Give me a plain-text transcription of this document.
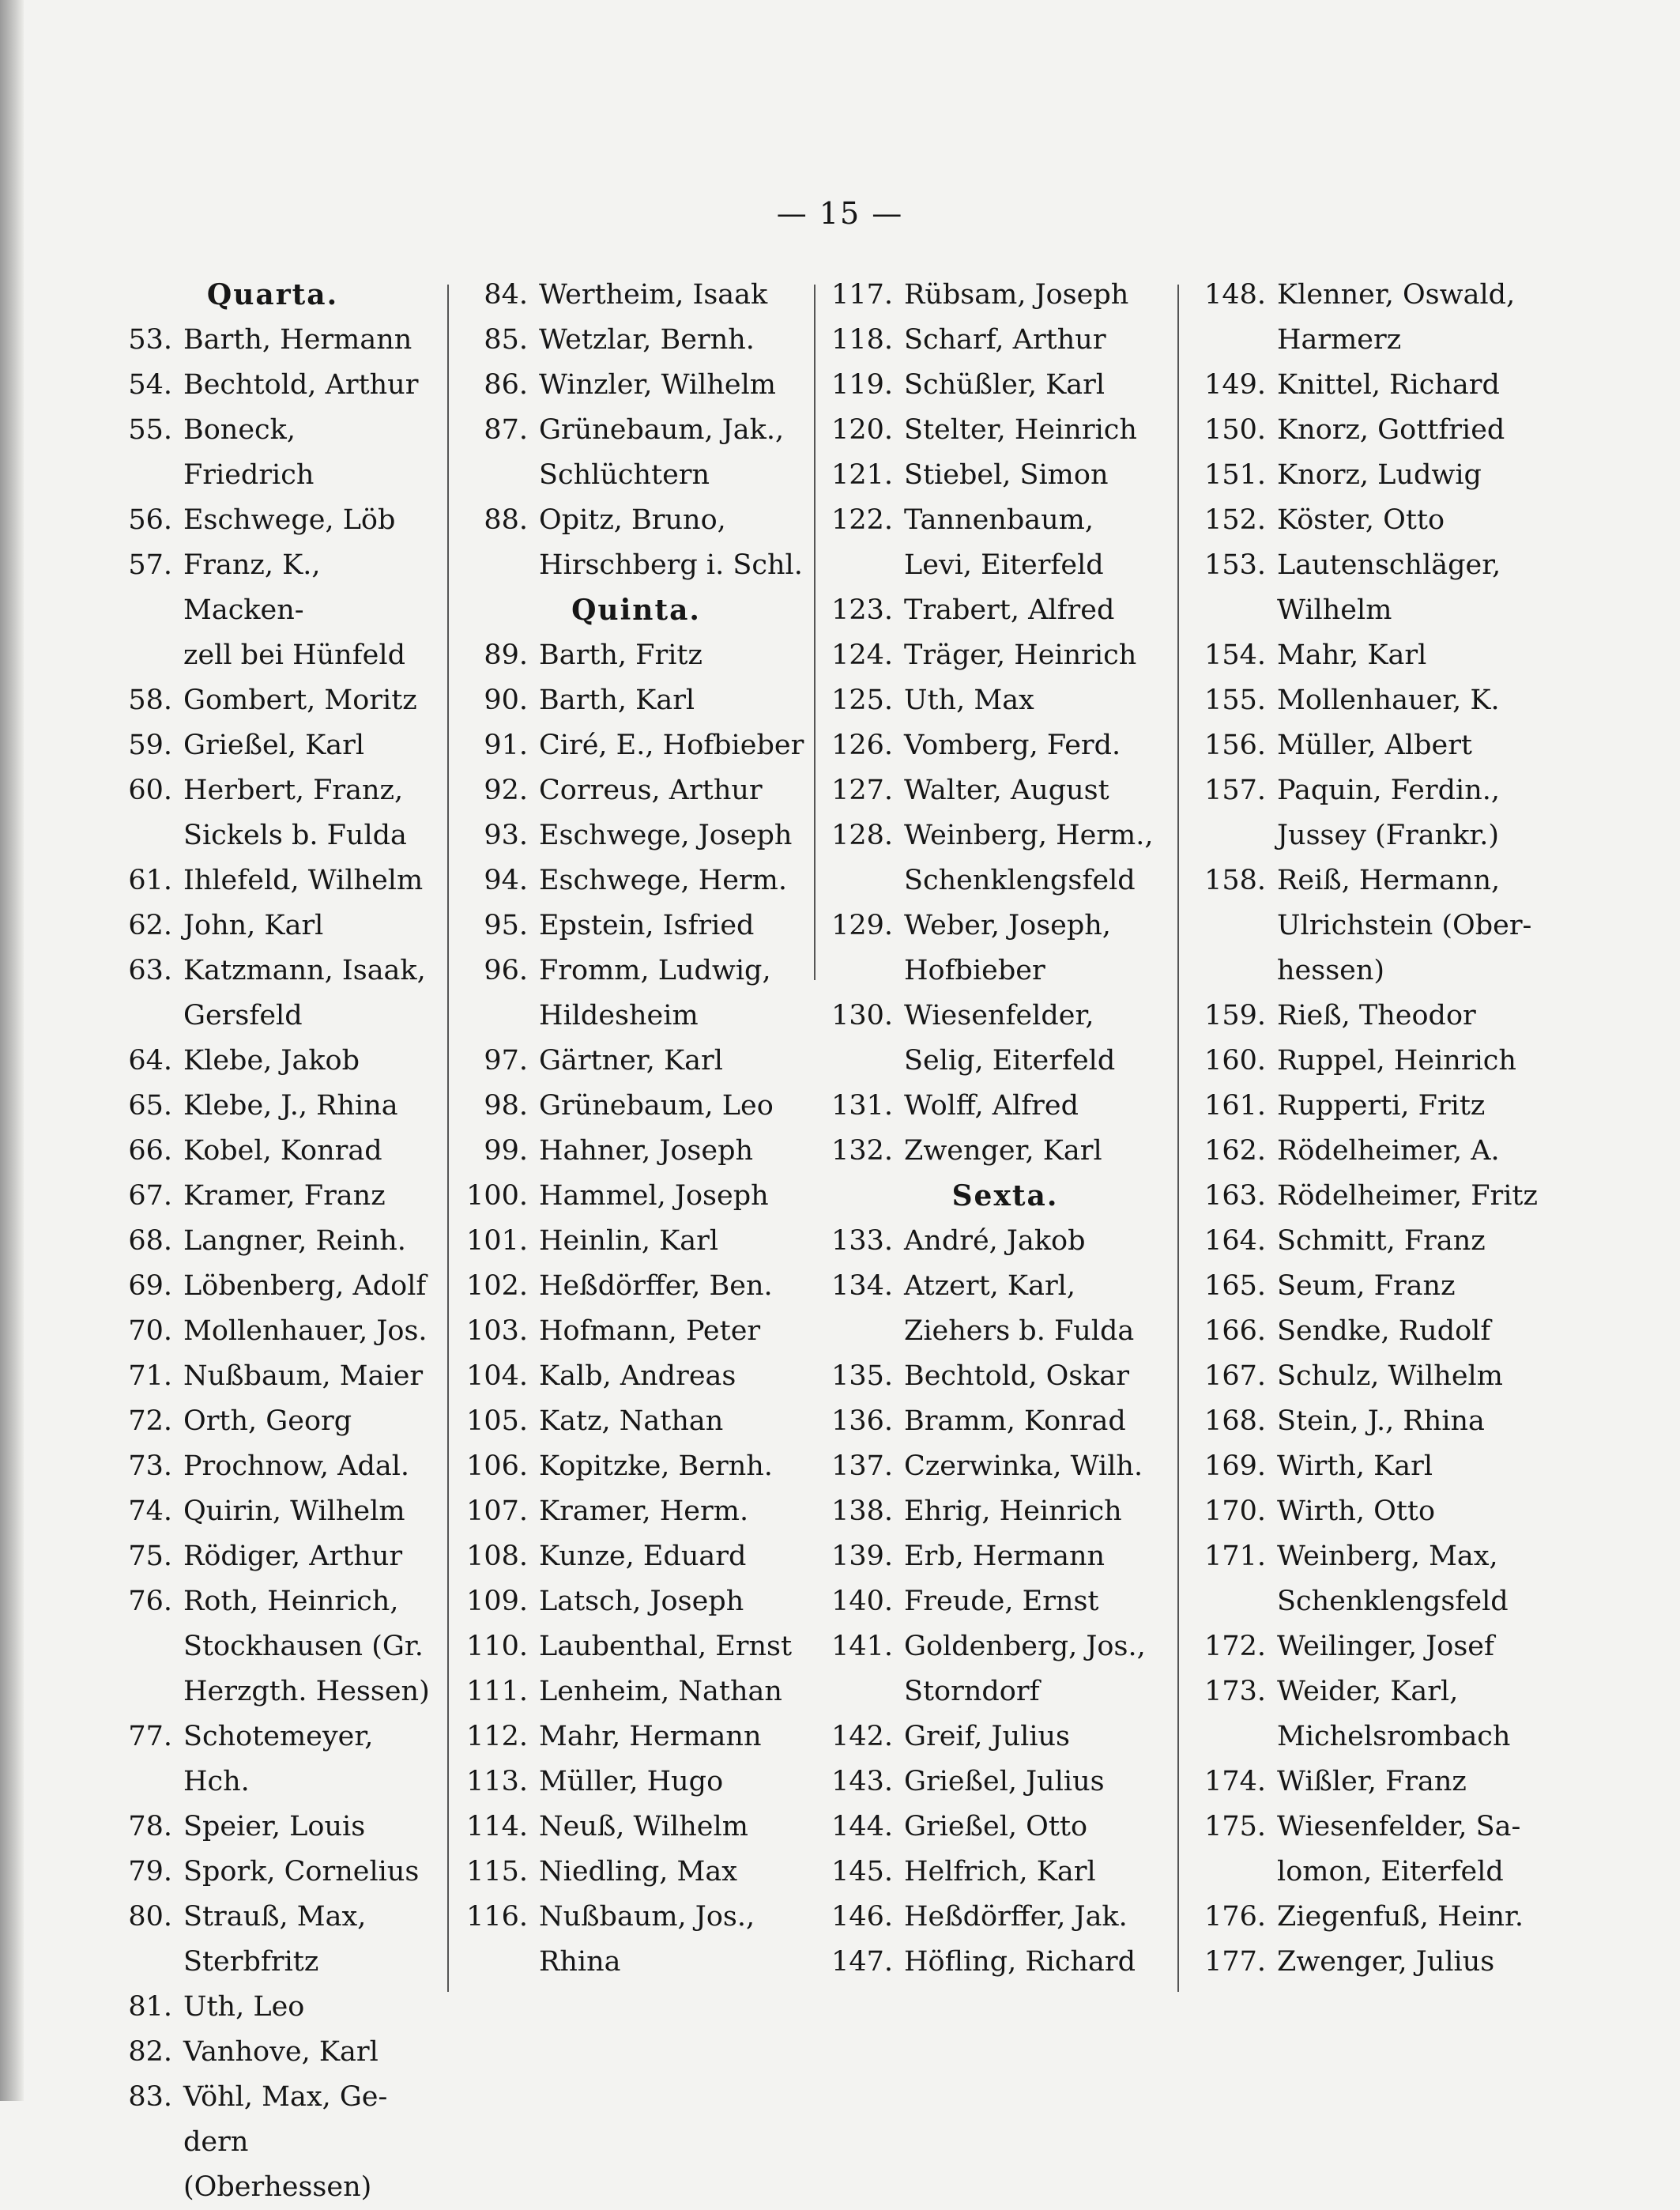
— 15 —
Quarta.
53. Barth, Hermann
54. Bechtold, Arthur
55. Boneck, Friedrich
56. Eschwege, Löb
57. Franz, K., Macken-
zell bei Hünfeld
58. Gombert, Moritz
59. Grießel, Karl
60. Herbert, Franz,
Sickels b. Fulda
61. Ihlefeld, Wilhelm
62. John, Karl
63. Katzmann, Isaak,
Gersfeld
64. Klebe, Jakob
65. Klebe, J., Rhina
66. Kobel, Konrad
67. Kramer, Franz
68. Langner, Reinh.
69. Löbenberg, Adolf
70. Mollenhauer, Jos.
71. Nußbaum, Maier
72. Orth, Georg
73. Prochnow, Adal.
74. Quirin, Wilhelm
75. Rödiger, Arthur
76. Roth, Heinrich,
Stockhausen (Gr.
Herzgth. Hessen)
77. Schotemeyer, Hch.
78. Speier, Louis
79. Spork, Cornelius
80. Strauß, Max,
Sterbfritz
81. Uth, Leo
82. Vanhove, Karl
83. Vöhl, Max, Ge-
dern (Oberhessen)
84. Wertheim, Isaak
85. Wetzlar, Bernh.
86. Winzler, Wilhelm
87. Grünebaum, Jak.,
Schlüchtern
88. Opitz, Bruno,
Hirschberg i. Schl.
Quinta.
89. Barth, Fritz
90. Barth, Karl
91. Ciré, E., Hofbieber
92. Correus, Arthur
93. Eschwege, Joseph
94. Eschwege, Herm.
95. Epstein, Isfried
96. Fromm, Ludwig,
Hildesheim
97. Gärtner, Karl
98. Grünebaum, Leo
99. Hahner, Joseph
100. Hammel, Joseph
101. Heinlin, Karl
102. Heßdörffer, Ben.
103. Hofmann, Peter
104. Kalb, Andreas
105. Katz, Nathan
106. Kopitzke, Bernh.
107. Kramer, Herm.
108. Kunze, Eduard
109. Latsch, Joseph
110. Laubenthal, Ernst
111. Lenheim, Nathan
112. Mahr, Hermann
113. Müller, Hugo
114. Neuß, Wilhelm
115. Niedling, Max
116. Nußbaum, Jos.,
Rhina
117. Rübsam, Joseph
118. Scharf, Arthur
119. Schüßler, Karl
120. Stelter, Heinrich
121. Stiebel, Simon
122. Tannenbaum,
Levi, Eiterfeld
123. Trabert, Alfred
124. Träger, Heinrich
125. Uth, Max
126. Vomberg, Ferd.
127. Walter, August
128. Weinberg, Herm.,
Schenklengsfeld
129. Weber, Joseph,
Hofbieber
130. Wiesenfelder,
Selig, Eiterfeld
131. Wolff, Alfred
132. Zwenger, Karl
Sexta.
133. André, Jakob
134. Atzert, Karl,
Ziehers b. Fulda
135. Bechtold, Oskar
136. Bramm, Konrad
137. Czerwinka, Wilh.
138. Ehrig, Heinrich
139. Erb, Hermann
140. Freude, Ernst
141. Goldenberg, Jos.,
Storndorf
142. Greif, Julius
143. Grießel, Julius
144. Grießel, Otto
145. Helfrich, Karl
146. Heßdörffer, Jak.
147. Höfling, Richard
148. Klenner, Oswald,
Harmerz
149. Knittel, Richard
150. Knorz, Gottfried
151. Knorz, Ludwig
152. Köster, Otto
153. Lautenschläger,
Wilhelm
154. Mahr, Karl
155. Mollenhauer, K.
156. Müller, Albert
157. Paquin, Ferdin.,
Jussey (Frankr.)
158. Reiß, Hermann,
Ulrichstein (Ober-
hessen)
159. Rieß, Theodor
160. Ruppel, Heinrich
161. Rupperti, Fritz
162. Rödelheimer, A.
163. Rödelheimer, Fritz
164. Schmitt, Franz
165. Seum, Franz
166. Sendke, Rudolf
167. Schulz, Wilhelm
168. Stein, J., Rhina
169. Wirth, Karl
170. Wirth, Otto
171. Weinberg, Max,
Schenklengsfeld
172. Weilinger, Josef
173. Weider, Karl,
Michelsrombach
174. Wißler, Franz
175. Wiesenfelder, Sa-
lomon, Eiterfeld
176. Ziegenfuß, Heinr.
177. Zwenger, Julius
